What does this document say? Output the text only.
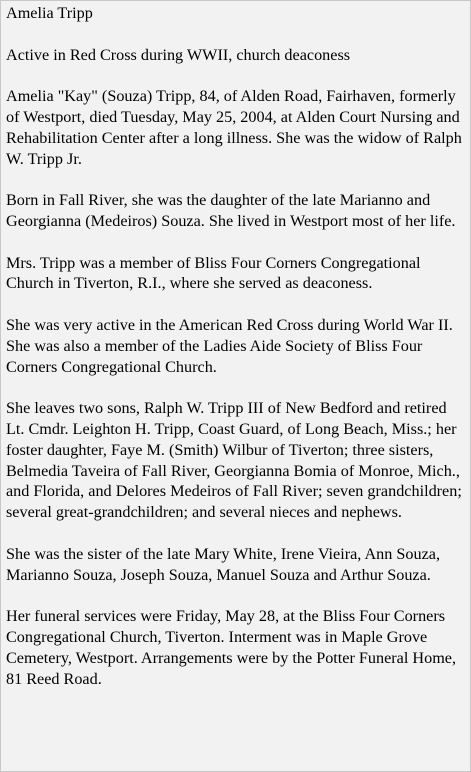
Amelia Tripp

Active in Red Cross during WWII, church deaconess

Amelia "Kay" (Souza) Tripp, 84, of Alden Road, Fairhaven, formerly of Westport, died Tuesday, May 25, 2004, at Alden Court Nursing and Rehabilitation Center after a long illness. She was the widow of Ralph W. Tripp Jr.

Born in Fall River, she was the daughter of the late Marianno and Georgianna (Medeiros) Souza. She lived in Westport most of her life.

Mrs. Tripp was a member of Bliss Four Corners Congregational Church in Tiverton, R.I., where she served as deaconess.

She was very active in the American Red Cross during World War II. She was also a member of the Ladies Aide Society of Bliss Four Corners Congregational Church.

She leaves two sons, Ralph W. Tripp III of New Bedford and retired Lt. Cmdr. Leighton H. Tripp, Coast Guard, of Long Beach, Miss.; her foster daughter, Faye M. (Smith) Wilbur of Tiverton; three sisters, Belmedia Taveira of Fall River, Georgianna Bomia of Monroe, Mich., and Florida, and Delores Medeiros of Fall River; seven grandchildren; several great-grandchildren; and several nieces and nephews.

She was the sister of the late Mary White, Irene Vieira, Ann Souza, Marianno Souza, Joseph Souza, Manuel Souza and Arthur Souza.

Her funeral services were Friday, May 28, at the Bliss Four Corners Congregational Church, Tiverton. Interment was in Maple Grove Cemetery, Westport. Arrangements were by the Potter Funeral Home, 81 Reed Road.
